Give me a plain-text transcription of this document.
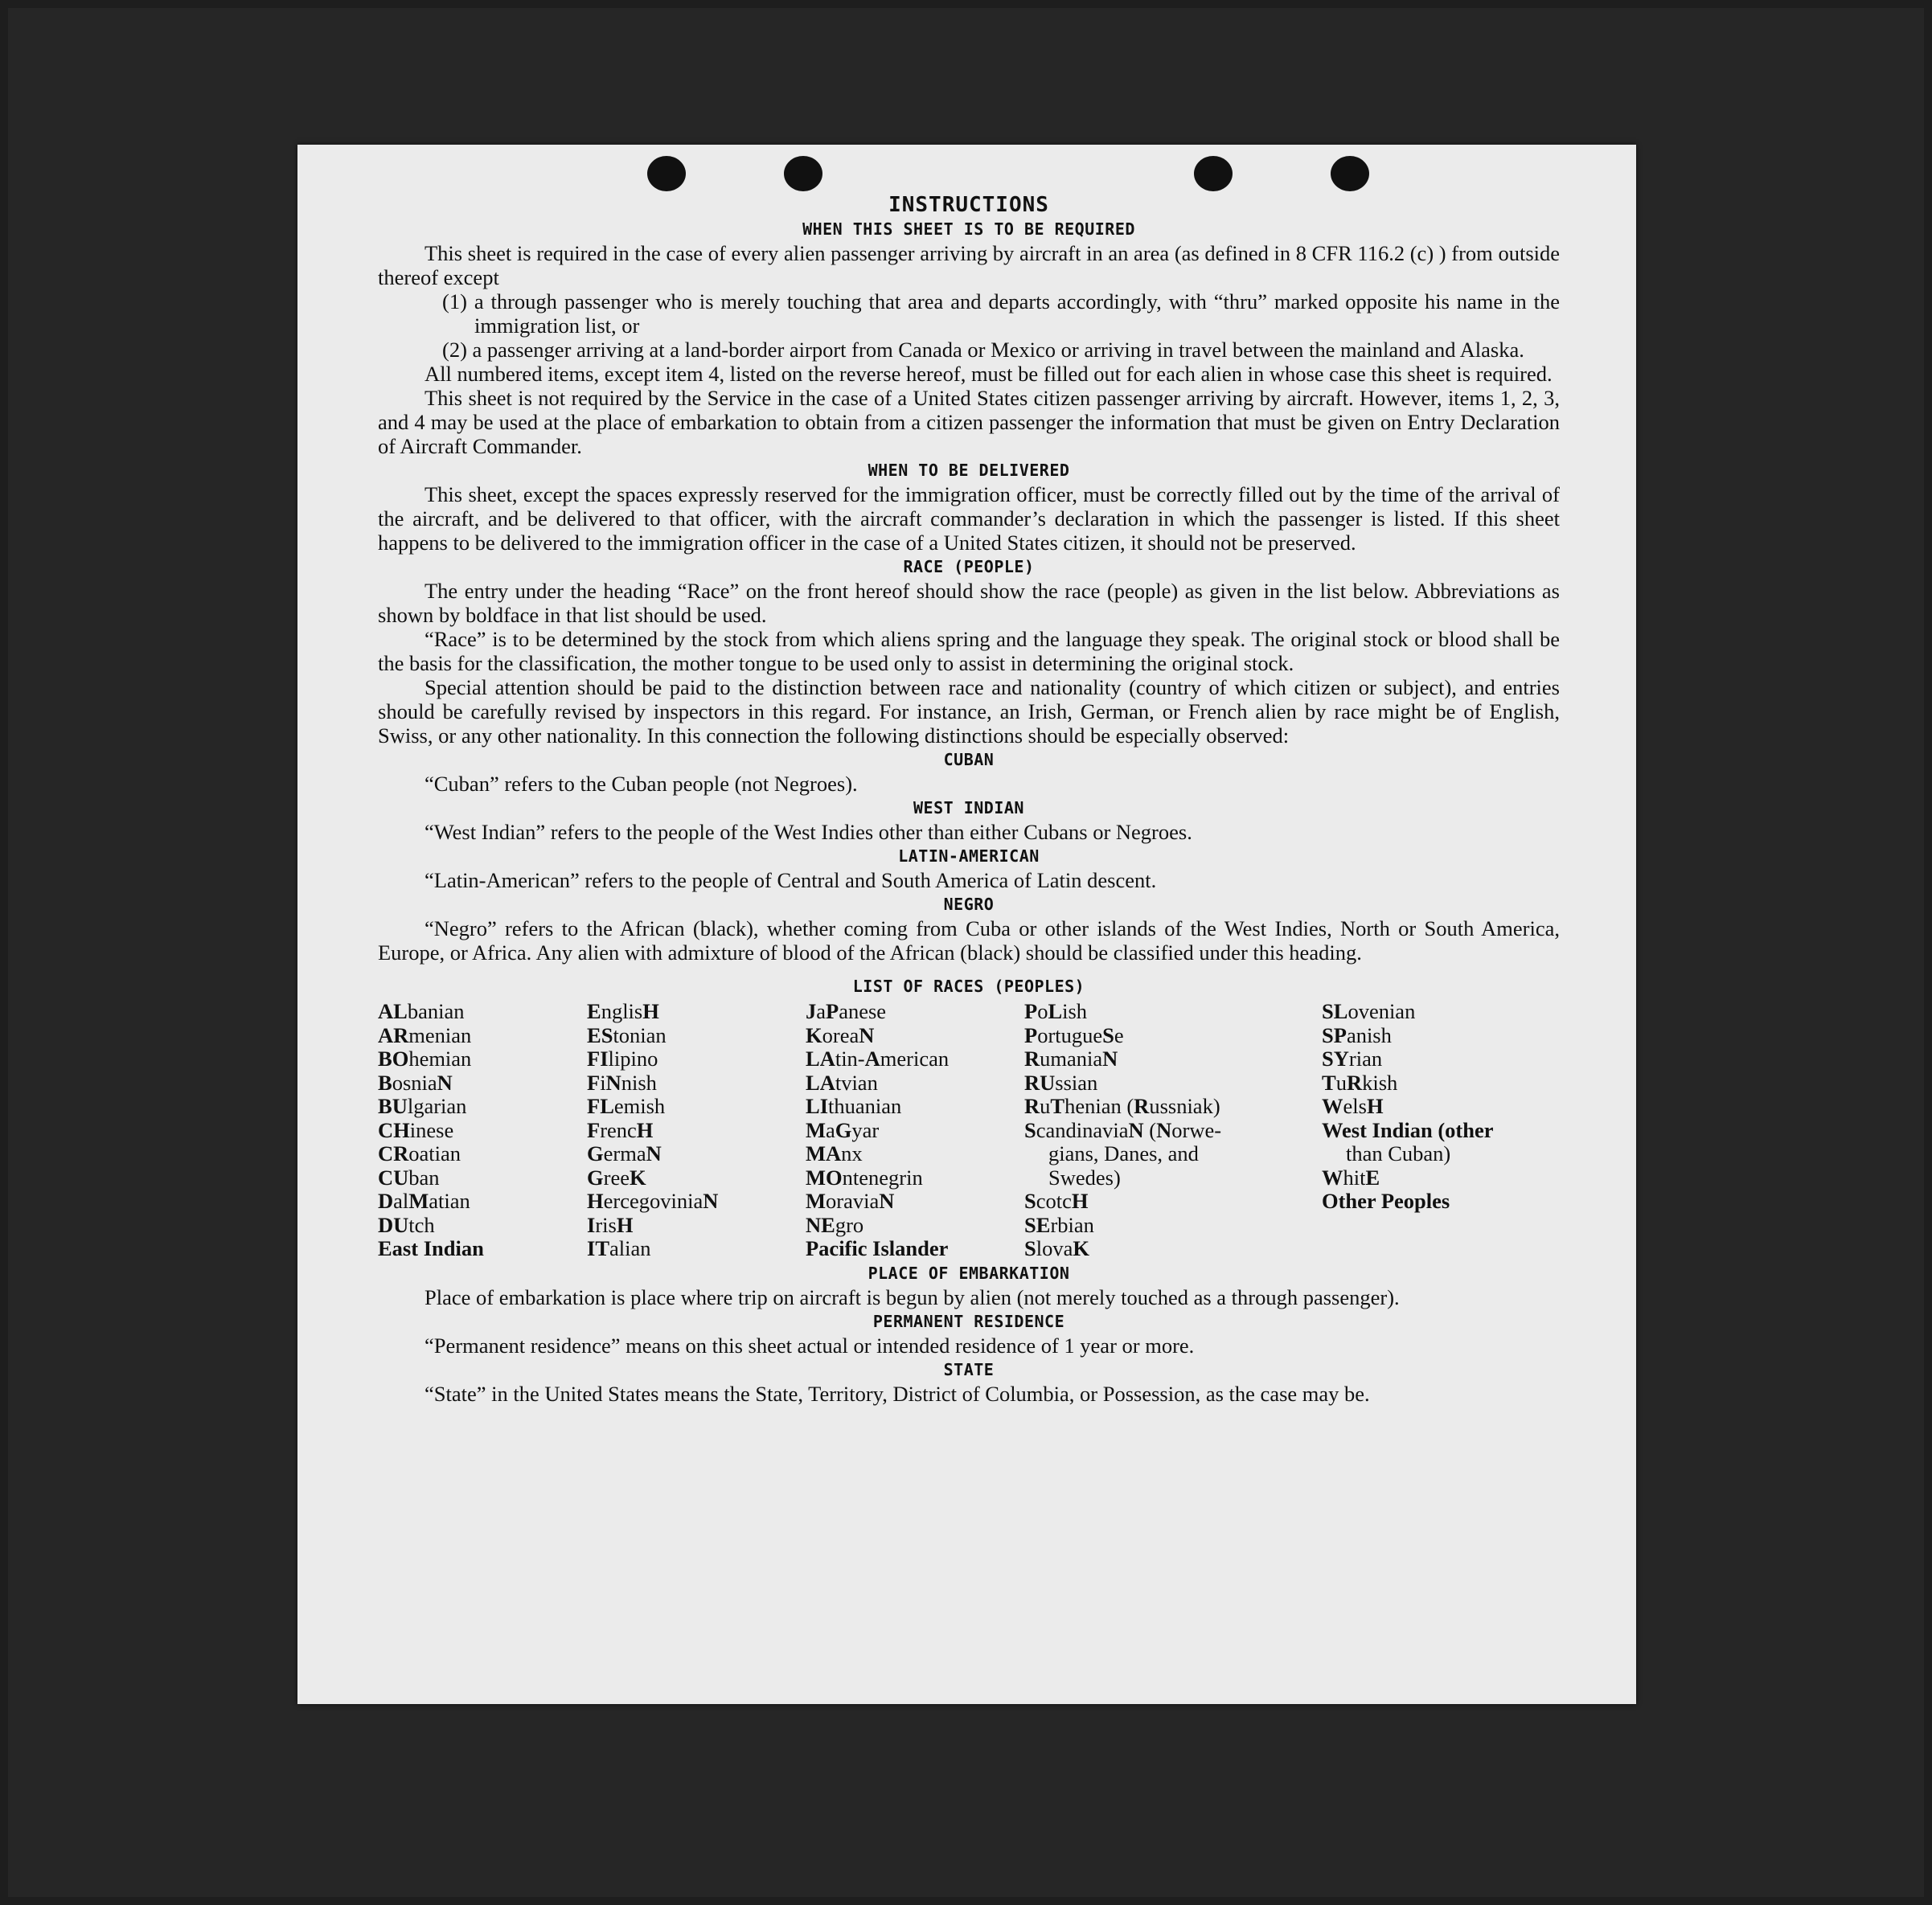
INSTRUCTIONS
WHEN THIS SHEET IS TO BE REQUIRED

This sheet is required in the case of every alien passenger arriving by aircraft in an area (as defined in 8 CFR 116.2 (c) ) from outside thereof except

(1) a through passenger who is merely touching that area and departs accordingly, with “thru” marked opposite his name in the immigration list, or

(2) a passenger arriving at a land-border airport from Canada or Mexico or arriving in travel between the mainland and Alaska.

All numbered items, except item 4, listed on the reverse hereof, must be filled out for each alien in whose case this sheet is required.

This sheet is not required by the Service in the case of a United States citizen passenger arriving by aircraft. However, items 1, 2, 3, and 4 may be used at the place of embarkation to obtain from a citizen passenger the information that must be given on Entry Declaration of Aircraft Commander.

WHEN TO BE DELIVERED

This sheet, except the spaces expressly reserved for the immigration officer, must be correctly filled out by the time of the arrival of the aircraft, and be delivered to that officer, with the aircraft commander’s declaration in which the passenger is listed. If this sheet happens to be delivered to the immigration officer in the case of a United States citizen, it should not be preserved.

RACE (PEOPLE)

The entry under the heading “Race” on the front hereof should show the race (people) as given in the list below. Abbreviations as shown by boldface in that list should be used.

“Race” is to be determined by the stock from which aliens spring and the language they speak. The original stock or blood shall be the basis for the classification, the mother tongue to be used only to assist in determining the original stock.

Special attention should be paid to the distinction between race and nationality (country of which citizen or subject), and entries should be carefully revised by inspectors in this regard. For instance, an Irish, German, or French alien by race might be of English, Swiss, or any other nationality. In this connection the following distinctions should be especially observed:

CUBAN

“Cuban” refers to the Cuban people (not Negroes).

WEST INDIAN

“West Indian” refers to the people of the West Indies other than either Cubans or Negroes.

LATIN-AMERICAN

“Latin-American” refers to the people of Central and South America of Latin descent.

NEGRO

“Negro” refers to the African (black), whether coming from Cuba or other islands of the West Indies, North or South America, Europe, or Africa. Any alien with admixture of blood of the African (black) should be classified under this heading.

LIST OF RACES (PEOPLES)
ALbanian
ARmenian
BOhemian
BosniaN
BUlgarian
CHinese
CRoatian
CUban
DalMatian
DUtch
East Indian
EnglisH
EStonian
FIlipino
FiNnish
FLemish
FrencH
GermaN
GreeK
HercegoviniaN
IrisH
ITalian
JaPanese
KoreaN
LAtin-American
LAtvian
LIthuanian
MaGyar
MAnx
MOntenegrin
MoraviaN
NEgro
Pacific Islander
PoLish
PortugueSe
RumaniaN
RUssian
RuThenian (Russniak)
ScandinaviaN (Norwe-
gians, Danes, and
Swedes)
ScotcH
SErbian
SlovaK
SLovenian
SPanish
SYrian
TuRkish
WelsH
West Indian (other
than Cuban)
WhitE
Other Peoples
PLACE OF EMBARKATION

Place of embarkation is place where trip on aircraft is begun by alien (not merely touched as a through passenger).

PERMANENT RESIDENCE

“Permanent residence” means on this sheet actual or intended residence of 1 year or more.

STATE

“State” in the United States means the State, Territory, District of Columbia, or Possession, as the case may be.
